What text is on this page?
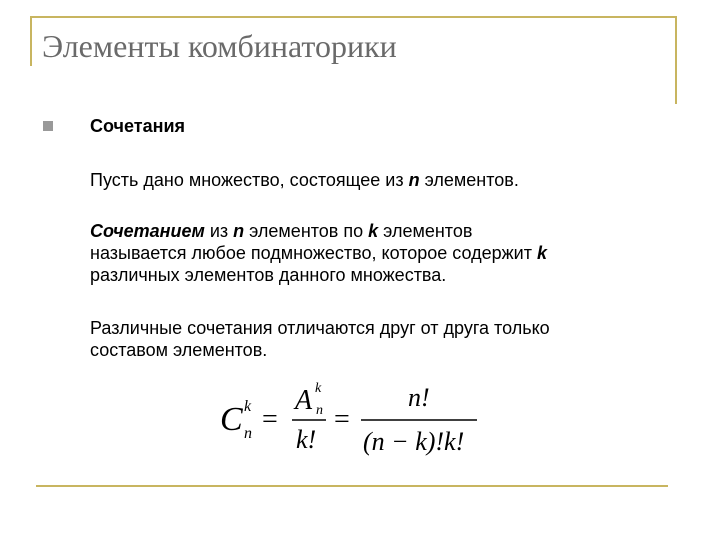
Элементы комбинаторики
Сочетания
Пусть дано множество, состоящее из n элементов.
Сочетанием из n элементов по k элементов
называется любое подмножество, которое содержит k
различных элементов данного множества.
Различные сочетания отличаются друг от друга только
составом элементов.
C k
n =
A k
n
k!
=
n!
(n − k)!k!
